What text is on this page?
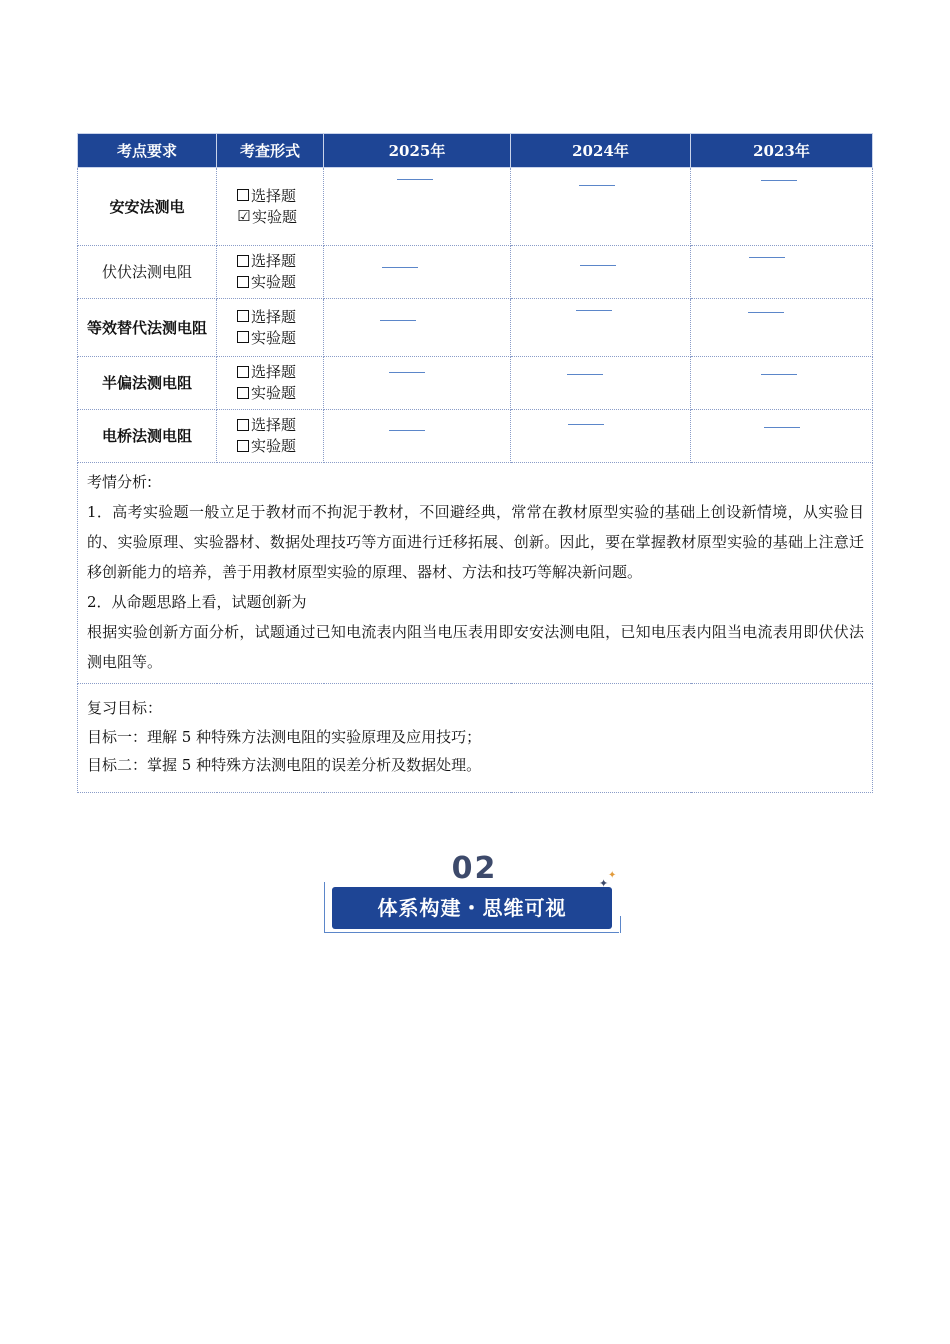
考点要求	考查形式	2025年	2024年	2023年
安安法测电	选择题
☑ 实验题			

伏伏法测电阻	选择题
实验题			

等效替代法测电阻	选择题
实验题			

半偏法测电阻	选择题
实验题			

电桥法测电阻	选择题
实验题			

考情分析:
1．高考实验题一般立足于教材而不拘泥于教材，不回避经典，常常在教材原型实验的基础上创设新情境，从实验目的、实验原理、实验器材、数据处理技巧等方面进行迁移拓展、创新。因此，要在掌握教材原型实验的基础上注意迁移创新能力的培养，善于用教材原型实验的原理、器材、方法和技巧等解决新问题。
2．从命题思路上看，试题创新为
根据实验创新方面分析，试题通过已知电流表内阻当电压表用即安安法测电阻，已知电压表内阻当电流表用即伏伏法测电阻等。				

复习目标：
目标一：理解 5 种特殊方法测电阻的实验原理及应用技巧；
目标二：掌握 5 种特殊方法测电阻的误差分析及数据处理。				
02
体系构建・思维可视
✦
✦
